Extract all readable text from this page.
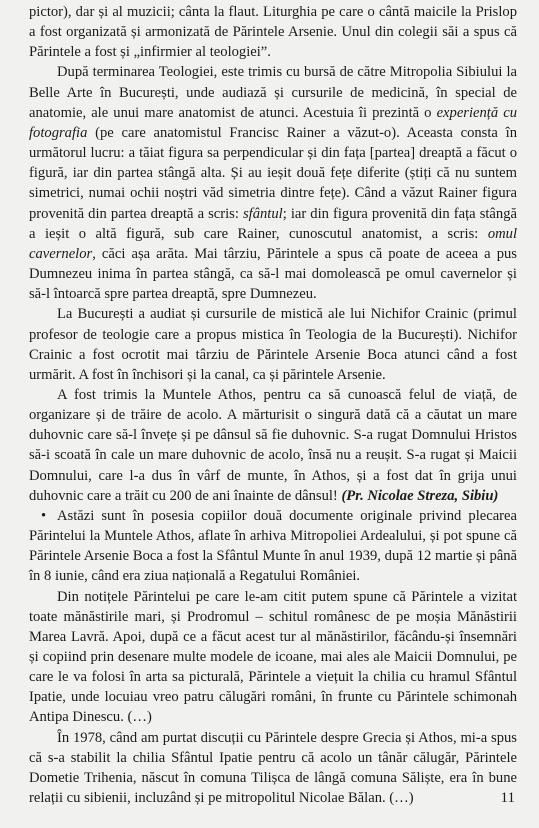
pictor), dar și al muzicii; cânta la flaut. Liturghia pe care o cântă maicile la Prislop a fost organizată și armonizată de Părintele Arsenie. Unul din colegii săi a spus că Părintele a fost și „infirmier al teologiei”.

După terminarea Teologiei, este trimis cu bursă de către Mitropolia Sibiului la Belle Arte în București, unde audiază și cursurile de medicină, în special de anatomie, ale unui mare anatomist de atunci. Acestuia îi prezintă o experiență cu fotografia (pe care anatomistul Francisc Rainer a văzut-o). Aceasta consta în următorul lucru: a tăiat figura sa perpendicular și din fața [partea] dreaptă a făcut o figură, iar din partea stângă alta. Și au ieșit două fețe diferite (știți că nu suntem simetrici, numai ochii noștri văd simetria dintre fețe). Când a văzut Rainer figura provenită din partea dreaptă a scris: sfântul; iar din figura provenită din fața stângă a ieșit o altă figură, sub care Rainer, cunoscutul anatomist, a scris: omul cavernelor, căci așa arăta. Mai târziu, Părintele a spus că poate de aceea a pus Dumnezeu inima în partea stângă, ca să-l mai domolească pe omul cavernelor și să-l întoarcă spre partea dreaptă, spre Dumnezeu.

La București a audiat și cursurile de mistică ale lui Nichifor Crainic (primul profesor de teologie care a propus mistica în Teologia de la București). Nichifor Crainic a fost ocrotit mai târziu de Părintele Arsenie Boca atunci când a fost urmărit. A fost în închisori și la canal, ca și părintele Arsenie.

A fost trimis la Muntele Athos, pentru ca să cunoască felul de viață, de organizare și de trăire de acolo. A mărturisit o singură dată că a căutat un mare duhovnic care să-l învețe și pe dânsul să fie duhovnic. S-a rugat Domnului Hristos să-i scoată în cale un mare duhovnic de acolo, însă nu a reușit. S-a rugat și Maicii Domnului, care l-a dus în vârf de munte, în Athos, și a fost dat în grija unui duhovnic care a trăit cu 200 de ani înainte de dânsul! (Pr. Nicolae Streza, Sibiu)

• Astăzi sunt în posesia copiilor două documente originale privind plecarea Părintelui la Muntele Athos, aflate în arhiva Mitropoliei Ardealului, și pot spune că Părintele Arsenie Boca a fost la Sfântul Munte în anul 1939, după 12 martie și până în 8 iunie, când era ziua națională a Regatului României.

Din notițele Părintelui pe care le-am citit putem spune că Părintele a vizitat toate mănăstirile mari, și Prodromul – schitul românesc de pe moșia Mănăstirii Marea Lavră. Apoi, după ce a făcut acest tur al mănăstirilor, făcându-și însemnări și copiind prin desenare multe modele de icoane, mai ales ale Maicii Domnului, pe care le va folosi în arta sa picturală, Părintele a viețuit la chilia cu hramul Sfântul Ipatie, unde locuiau vreo patru călugări români, în frunte cu Părintele schimonah Antipa Dinescu. (…)

În 1978, când am purtat discuții cu Părintele despre Grecia și Athos, mi-a spus că s-a stabilit la chilia Sfântul Ipatie pentru că acolo un tânăr călugăr, Părintele Dometie Trihenia, născut în comuna Tilișca de lângă comuna Săliște, era în bune relații cu sibienii, incluzând și pe mitropolitul Nicolae Bălan. (…)	11
